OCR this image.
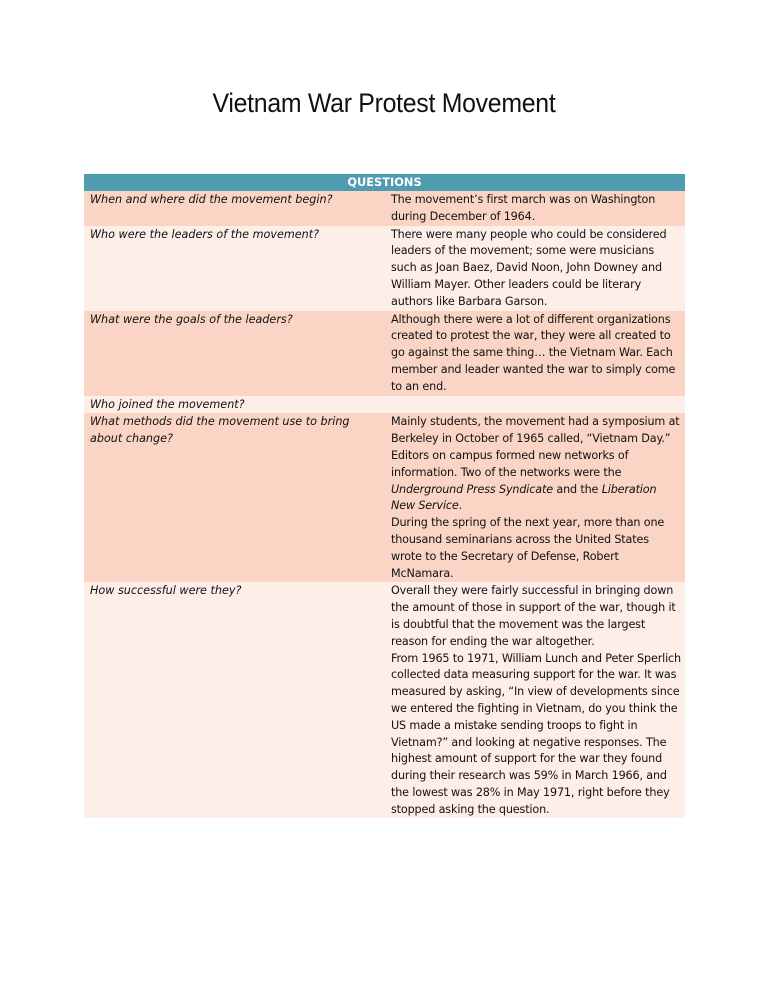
Vietnam War Protest Movement
QUESTIONS	
When and where did the movement begin?	The movement’s first march was on Washington during December of 1964.
Who were the leaders of the movement?	There were many people who could be considered leaders of the movement; some were musicians such as Joan Baez, David Noon, John Downey and William Mayer. Other leaders could be literary authors like Barbara Garson.
What were the goals of the leaders?	Although there were a lot of different organizations created to protest the war, they were all created to go against the same thing… the Vietnam War. Each member and leader wanted the war to simply come to an end.
Who joined the movement?	
What methods did the movement use to bring about change?	Mainly students, the movement had a symposium at Berkeley in October of 1965 called, “Vietnam Day.” Editors on campus formed new networks of information. Two of the networks were the Underground Press Syndicate and the Liberation New Service.
During the spring of the next year, more than one thousand seminarians across the United States wrote to the Secretary of Defense, Robert McNamara.

How successful were they?	Overall they were fairly successful in bringing down the amount of those in support of the war, though it is doubtful that the movement was the largest reason for ending the war altogether.
From 1965 to 1971, William Lunch and Peter Sperlich collected data measuring support for the war. It was measured by asking, “In view of developments since we entered the fighting in Vietnam, do you think the US made a mistake sending troops to fight in Vietnam?” and looking at negative responses. The highest amount of support for the war they found during their research was 59% in March 1966, and the lowest was 28% in May 1971, right before they stopped asking the question.
